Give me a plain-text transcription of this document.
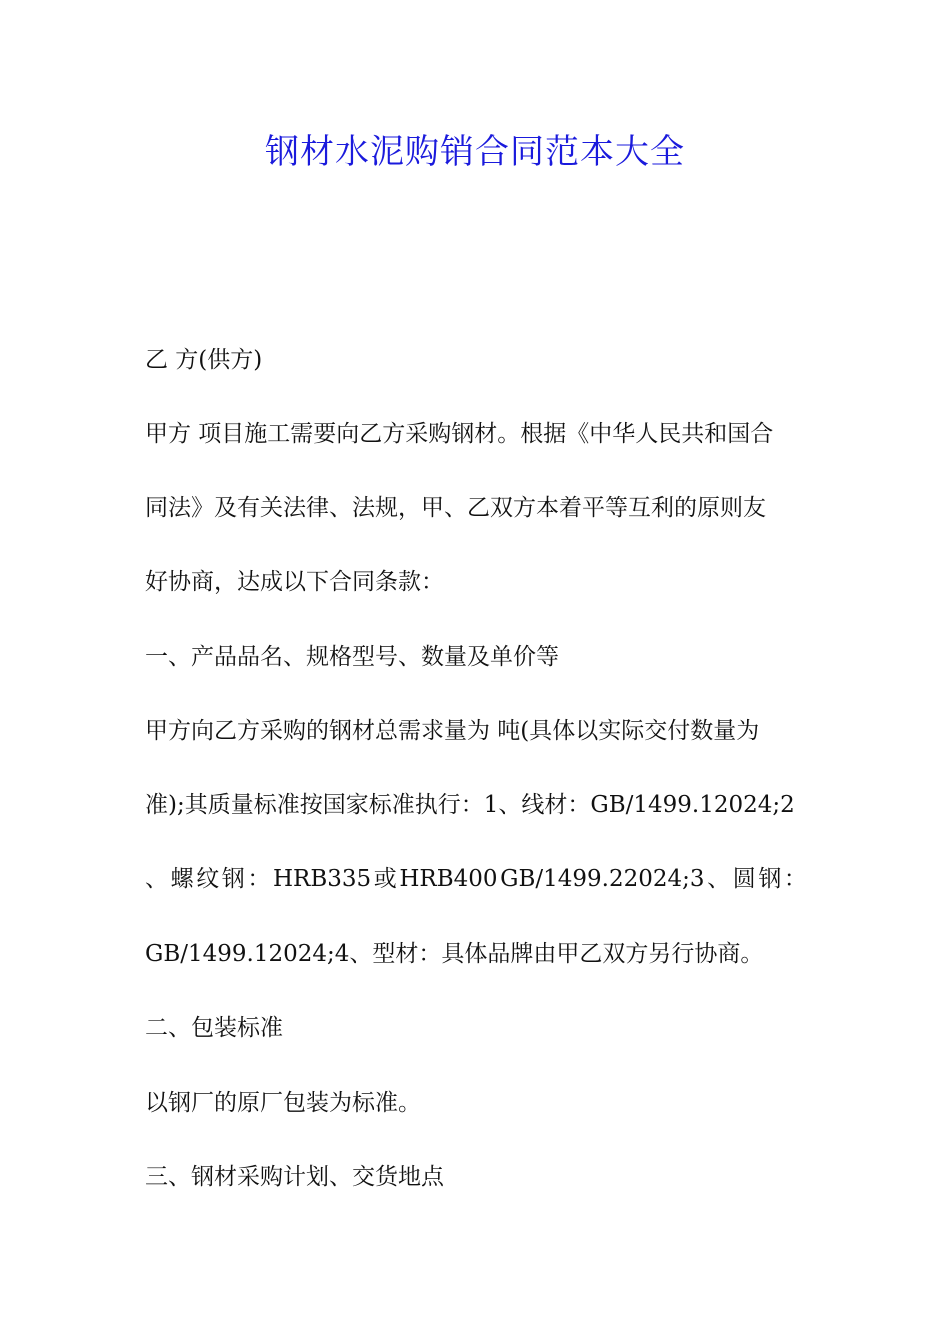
钢材水泥购销合同范本大全

乙 方(供方)

甲方 项目施工需要向乙方采购钢材。根据《中华人民共和国合

同法》及有关法律、法规，甲、乙双方本着平等互利的原则友

好协商，达成以下合同条款：

一、产品品名、规格型号、数量及单价等

甲方向乙方采购的钢材总需求量为 吨(具体以实际交付数量为

准);其质量标准按国家标准执行：1、线材：GB/1499.12024;2

、 螺 纹 钢 ： HRB335 或 HRB400 GB/1499.22024;3 、 圆 钢 ：

GB/1499.12024;4、型材：具体品牌由甲乙双方另行协商。

二、包装标准

以钢厂的原厂包装为标准。

三、钢材采购计划、交货地点
